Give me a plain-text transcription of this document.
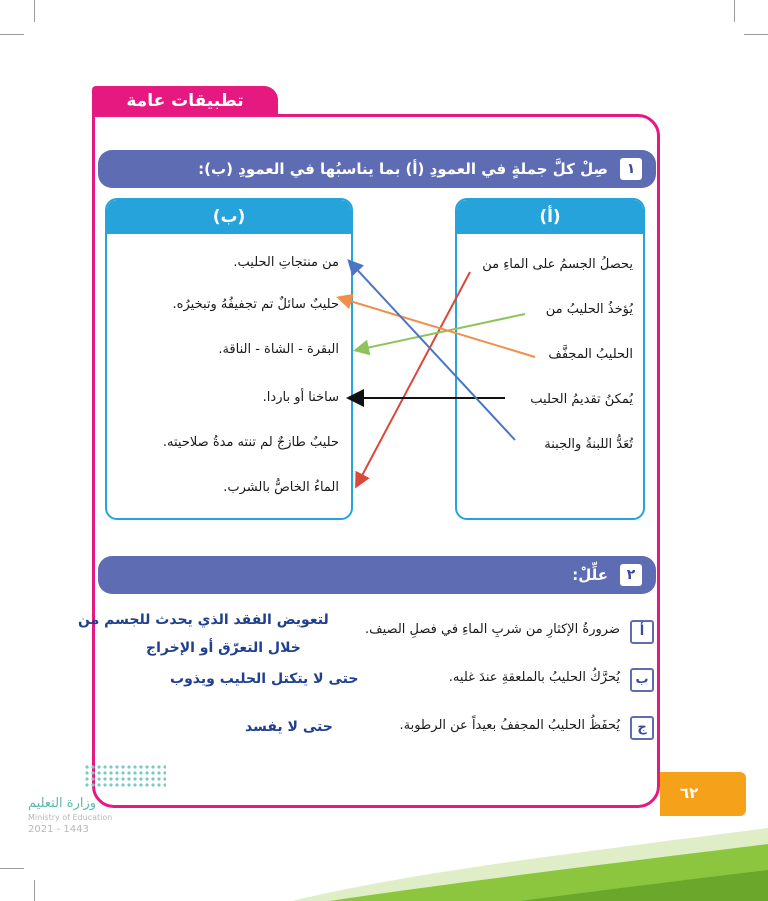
تطبيقات عامة
١
صِلْ كلَّ جملةٍ في العمودِ (أ) بما يناسبُها في العمودِ (ب):
(أ)
يحصلُ الجسمُ على الماءِ من
يُؤخذُ الحليبُ من
الحليبُ المجفَّف
يُمكنُ تقديمُ الحليب
تُعَدُّ اللبنةُ والجبنة
(ب)
من منتجاتِ الحليب.
حليبٌ سائلٌ تم تجفيفُهُ وتبخيرُه.
البقرة - الشاة - الناقة.
ساخنا أو باردا.
حليبٌ طازجٌ لم تنته مدةُ صلاحيته.
الماءُ الخاصُّ بالشرب.
٢
علِّلْ:
أ
ضرورةُ الإكثارِ من شربِ الماءِ في فصلِ الصيف.
لتعويض الفقد الذي يحدث للجسم من
خلال التعرّق أو الإخراج
ب
يُحرَّكُ الحليبُ بالملعقةِ عندَ غليه.
حتى لا يتكتل الحليب ويذوب
ج
يُحفَظُ الحليبُ المجففُ بعيداً عن الرطوبة.
حتى لا يفسد
٦٢
وزارة التعليم
Ministry of Education
2021 - 1443
